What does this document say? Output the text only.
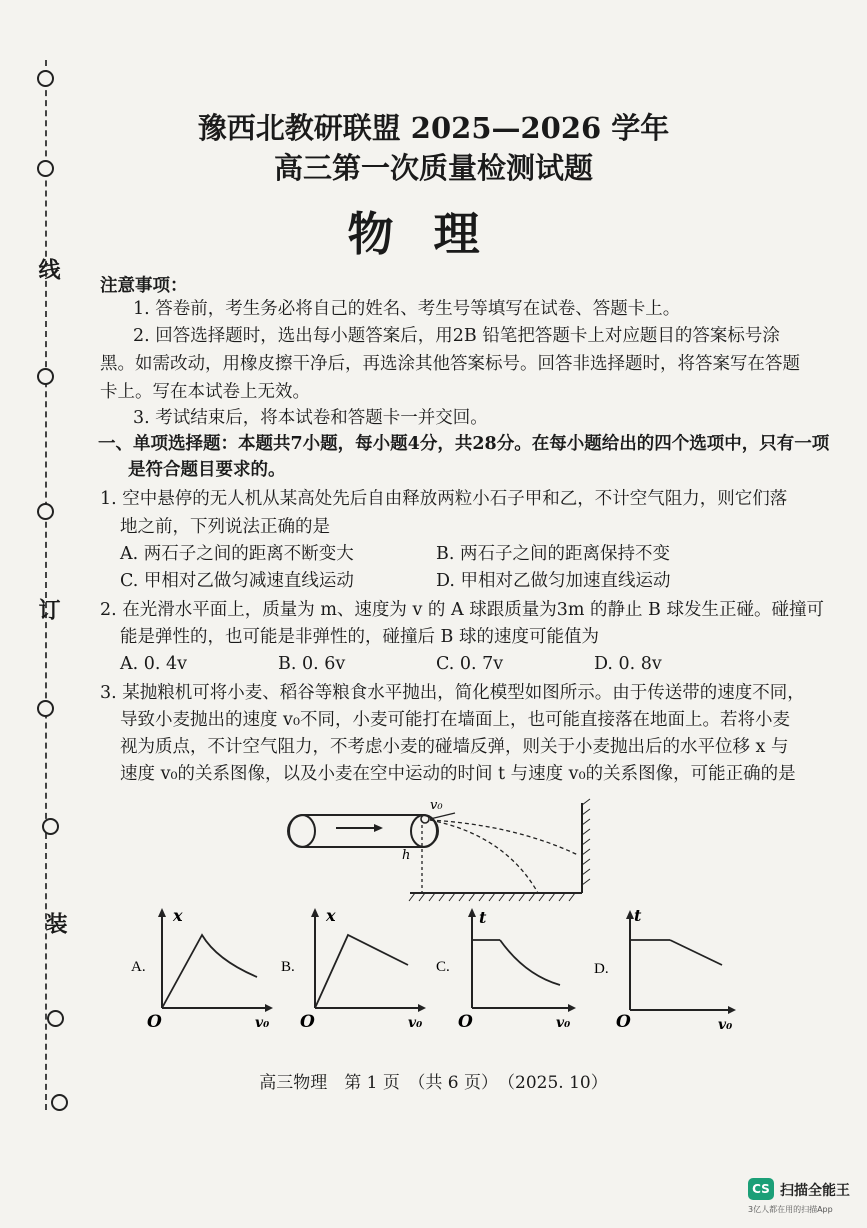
线
订
装
豫西北教研联盟 2025—2026 学年
高三第一次质量检测试题
物理
注意事项：
1. 答卷前，考生务必将自己的姓名、考生号等填写在试卷、答题卡上。
2. 回答选择题时，选出每小题答案后，用2B 铅笔把答题卡上对应题目的答案标号涂
黑。如需改动，用橡皮擦干净后，再选涂其他答案标号。回答非选择题时，将答案写在答题
卡上。写在本试卷上无效。
3. 考试结束后，将本试卷和答题卡一并交回。
一、单项选择题：本题共7小题，每小题4分，共28分。在每小题给出的四个选项中，只有一项
是符合题目要求的。
1. 空中悬停的无人机从某高处先后自由释放两粒小石子甲和乙，不计空气阻力，则它们落
地之前，下列说法正确的是
A. 两石子之间的距离不断变大	B. 两石子之间的距离保持不变
C. 甲相对乙做匀减速直线运动	D. 甲相对乙做匀加速直线运动
2. 在光滑水平面上，质量为 m、速度为 v 的 A 球跟质量为3m 的静止 B 球发生正碰。碰撞可
能是弹性的，也可能是非弹性的，碰撞后 B 球的速度可能值为
A. 0. 4v	B. 0. 6v	C. 0. 7v	D. 0. 8v
3. 某抛粮机可将小麦、稻谷等粮食水平抛出，简化模型如图所示。由于传送带的速度不同，
导致小麦抛出的速度 v₀不同，小麦可能打在墙面上，也可能直接落在地面上。若将小麦
视为质点，不计空气阻力，不考虑小麦的碰墙反弹，则关于小麦抛出后的水平位移 x 与
速度 v₀的关系图像，以及小麦在空中运动的时间 t 与速度 v₀的关系图像，可能正确的是
v₀
h
A.
x
O	v₀
B.
x
O	v₀
C.
t
O	v₀
D.
t
O	v₀
高三物理　第 1 页　（共 6 页）　（2025. 10）
CS 扫描全能王
3亿人都在用的扫描App
